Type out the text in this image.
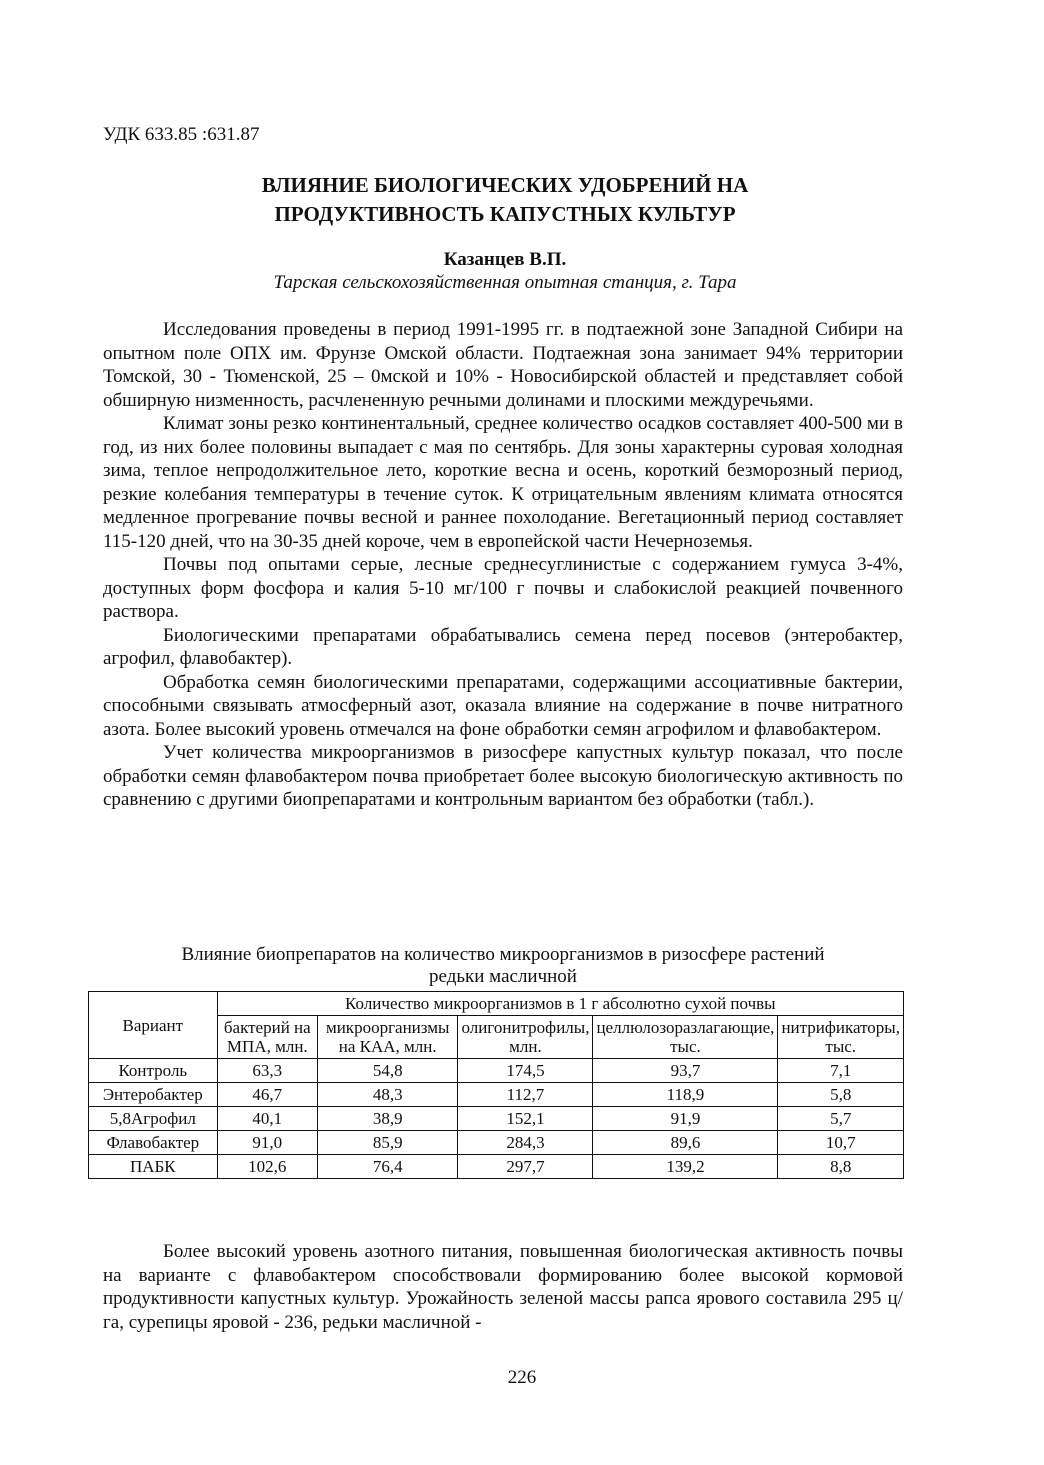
УДК 633.85 :631.87
ВЛИЯНИЕ БИОЛОГИЧЕСКИХ УДОБРЕНИЙ НА
ПРОДУКТИВНОСТЬ КАПУСТНЫХ КУЛЬТУР
Казанцев В.П.
Тарская сельскохозяйственная опытная станция, г. Тара

Исследования проведены в период 1991-1995 гг. в подтаежной зоне Западной Сибири на опытном поле ОПХ им. Фрунзе Омской области. Подтаежная зона занимает 94% территории Томской, 30 - Тюменской, 25 – 0мской и 10% - Новосибирской областей и представляет собой обширную низменность, расчлененную речными долинами и плоскими междуречьями.

Климат зоны резко континентальный, среднее количество осадков составляет 400-500 ми в год, из них более половины выпадает с мая по сентябрь. Для зоны характерны суровая холодная зима, теплое непродолжительное лето, короткие весна и осень, короткий безморозный период, резкие колебания температуры в течение суток. К отрицательным явлениям климата относятся медленное прогревание почвы весной и раннее похолодание. Вегетационный период составляет 115-120 дней, что на 30-35 дней короче, чем в европейской части Нечерноземья.

Почвы под опытами серые, лесные среднесуглинистые с содержанием гумуса 3-4%, доступных форм фосфора и калия 5-10 мг/100 г почвы и слабокислой реакцией почвенного раствора.

Биологическими препаратами обрабатывались семена перед посевов (энтеробактер, агрофил, флавобактер).

Обработка семян биологическими препаратами, содержащими ассоциативные бактерии, способными связывать атмосферный азот, оказала влияние на содержание в почве нитратного азота. Более высокий уровень отмечался на фоне обработки семян агрофилом и флавобактером.

Учет количества микроорганизмов в ризосфере капустных культур показал, что после обработки семян флавобактером почва приобретает более высокую биологическую активность по сравнению с другими биопрепаратами и контрольным вариантом без обработки (табл.).

Влияние биопрепаратов на количество микроорганизмов в ризосфере растений
редьки масличной
Вариант	Количество микроорганизмов в 1 г абсолютно сухой почвы				
	бактерий на МПА, млн.	микроорганизмы на КАА, млн.	олигонитрофилы, млн.	целлюлозоразлагающие, тыс.	нитрификаторы, тыс.
Контроль	63,3	54,8	174,5	93,7	7,1
Энтеробактер	46,7	48,3	112,7	118,9	5,8
5,8Агрофил	40,1	38,9	152,1	91,9	5,7
Флавобактер	91,0	85,9	284,3	89,6	10,7
ПАБК	102,6	76,4	297,7	139,2	8,8

Более высокий уровень азотного питания, повышенная биологическая активность почвы на варианте с флавобактером способствовали формированию более высокой кормовой продуктивности капустных культур. Урожайность зеленой массы рапса ярового составила 295 ц/га, сурепицы яровой - 236, редьки масличной -

226
